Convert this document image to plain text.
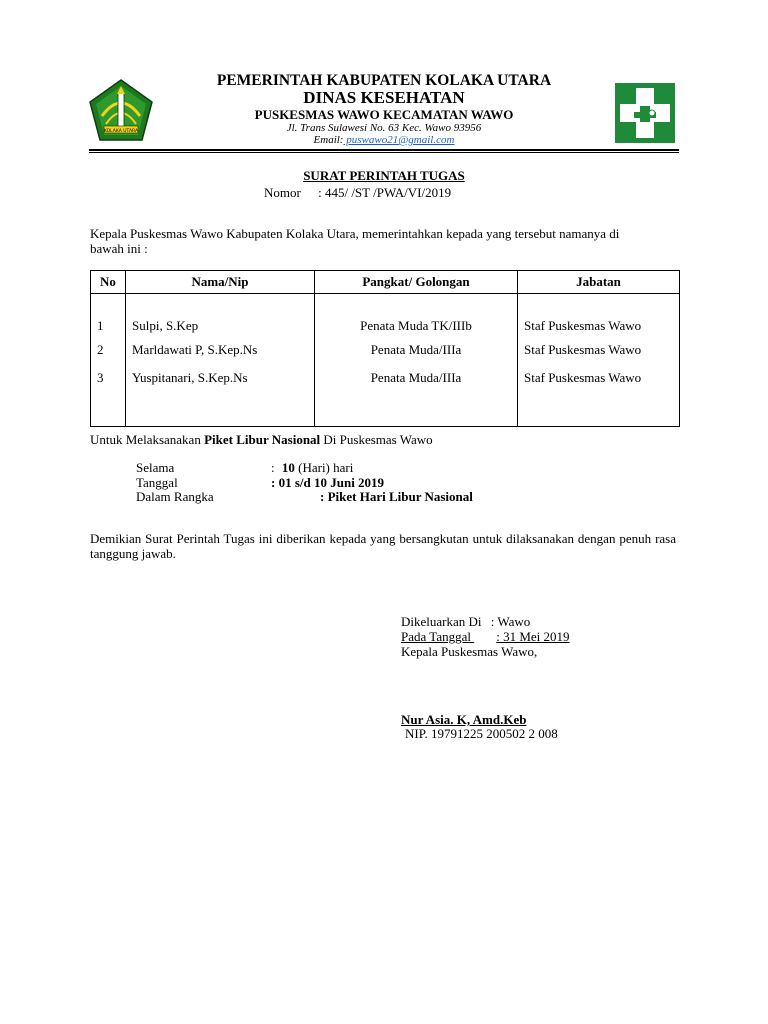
KOLAKA UTARA
PEMERINTAH KABUPATEN KOLAKA UTARA
DINAS KESEHATAN
PUSKESMAS WAWO KECAMATAN WAWO
Jl. Trans Sulawesi No. 63 Kec. Wawo 93956
Email: puswawo21@gmail.com
SURAT PERINTAH TUGAS
Nomor : 445/ /ST /PWA/VI/2019
Kepala Puskesmas Wawo Kabupaten Kolaka Utara, memerintahkan kepada yang tersebut namanya di bawah ini :
No	Nama/Nip	Pangkat/ Golongan	Jabatan
1	Sulpi, S.Kep	Penata Muda TK/IIIb	Staf Puskesmas Wawo
2	Marldawati P, S.Kep.Ns	Penata Muda/IIIa	Staf Puskesmas Wawo
3	Yuspitanari, S.Kep.Ns	Penata Muda/IIIa	Staf Puskesmas Wawo

Untuk Melaksanakan Piket Libur Nasional Di Puskesmas Wawo
Selama	: 10 (Hari) hari
Tanggal	: 01 s/d 10 Juni 2019
Dalam Rangka	: Piket Hari Libur Nasional
Demikian Surat Perintah Tugas ini diberikan kepada yang bersangkutan untuk dilaksanakan dengan penuh rasa tanggung jawab.
Dikeluarkan Di : Wawo
Pada Tanggal : 31 Mei 2019
Kepala Puskesmas Wawo,
Nur Asia. K, Amd.Keb
NIP. 19791225 200502 2 008
